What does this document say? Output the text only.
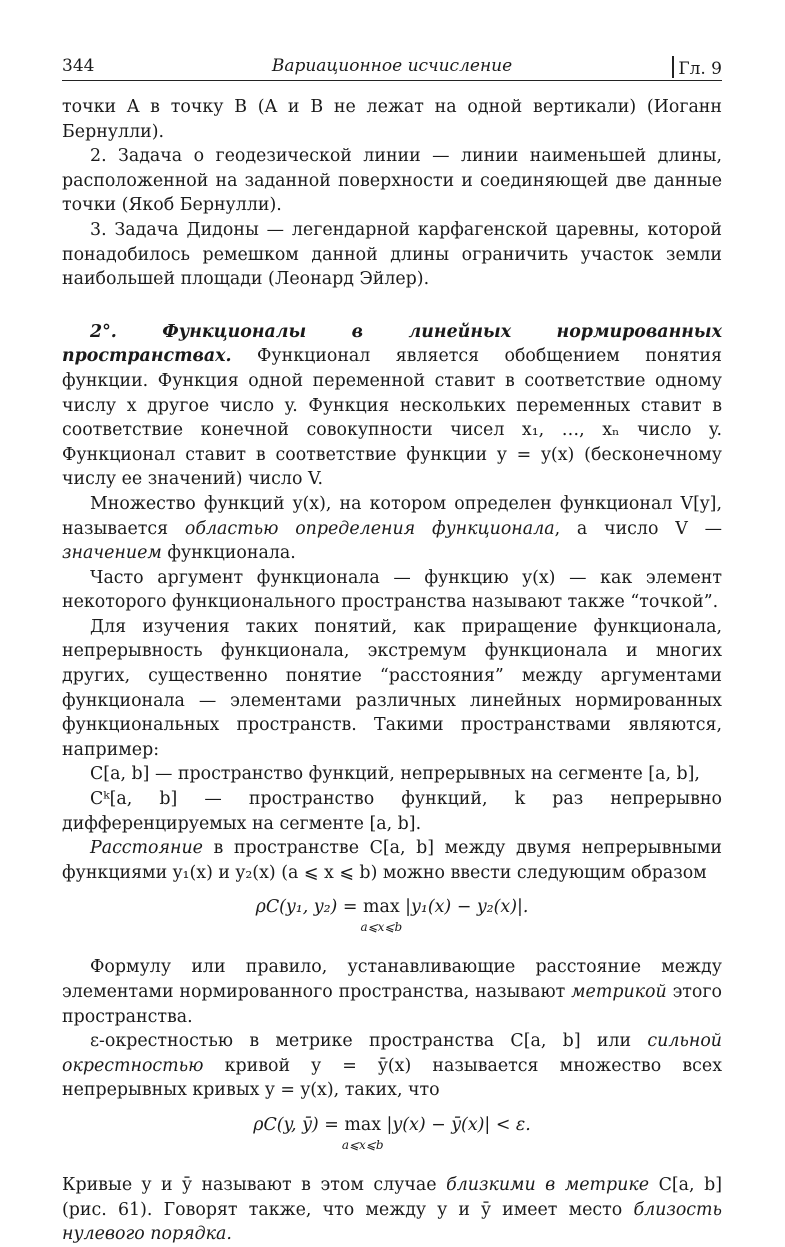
344	Вариационное исчисление	Гл. 9

точки A в точку B (A и B не лежат на одной вертикали) (Иоганн Бернулли).

2. Задача о геодезической линии — линии наименьшей длины, расположенной на заданной поверхности и соединяющей две данные точки (Якоб Бернулли).

3. Задача Дидоны — легендарной карфагенской царевны, которой понадобилось ремешком данной длины ограничить участок земли наибольшей площади (Леонард Эйлер).

2°. Функционалы в линейных нормированных пространствах. Функционал является обобщением понятия функции. Функция одной переменной ставит в соответствие одному числу x другое число y. Функция нескольких переменных ставит в соответствие конечной совокупности чисел x₁, …, xₙ число y. Функционал ставит в соответствие функции y = y(x) (бесконечному числу ее значений) число V.

Множество функций y(x), на котором определен функционал V[y], называется областью определения функционала, а число V — значением функционала.

Часто аргумент функционала — функцию y(x) — как элемент некоторого функционального пространства называют также “точкой”.

Для изучения таких понятий, как приращение функционала, непрерывность функционала, экстремум функционала и многих других, существенно понятие “расстояния” между аргументами функционала — элементами различных линейных нормированных функциональных пространств. Такими пространствами являются, например:

C[a, b] — пространство функций, непрерывных на сегменте [a, b],

Cᵏ[a, b] — пространство функций, k раз непрерывно дифференцируемых на сегменте [a, b].

Расстояние в пространстве C[a, b] между двумя непрерывными функциями y₁(x) и y₂(x) (a ⩽ x ⩽ b) можно ввести следующим образом

ρC(y₁, y₂) = max
a⩽x⩽b
|y₁(x) − y₂(x)|.

Формулу или правило, устанавливающие расстояние между элементами нормированного пространства, называют метрикой этого пространства.

ε-окрестностью в метрике пространства C[a, b] или сильной окрестностью кривой y = ȳ(x) называется множество всех непрерывных кривых y = y(x), таких, что

ρC(y, ȳ) = max
a⩽x⩽b
|y(x) − ȳ(x)| < ε.

Кривые y и ȳ называют в этом случае близкими в метрике C[a, b] (рис. 61). Говорят также, что между y и ȳ имеет место близость нулевого порядка.
